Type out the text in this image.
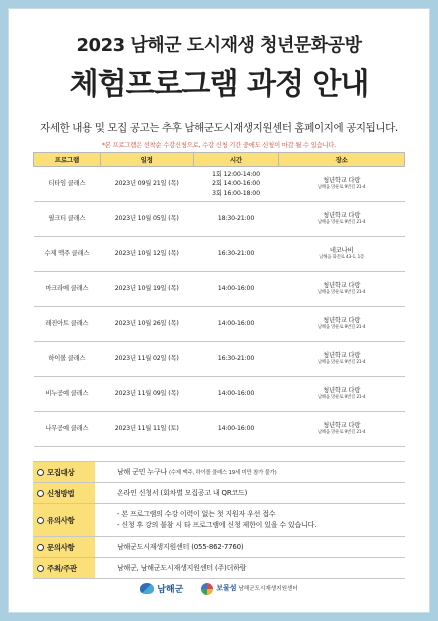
2023 남해군 도시재생 청년문화공방
체험프로그램 과정 안내
자세한 내용 및 모집 공고는 추후 남해군도시재생지원센터 홈페이지에 공지됩니다.
*본 프로그램은 선착순 수강신청으로, 수강 신청 기간 중에도 신청이 마감 될 수 있습니다.
프로그램	일정	시간	장소
티타임 클래스	2023년 09월 21일 (목)	1회 12:00-14:00
2회 14:00-16:00
3회 16:00-18:00	청년학교 다랑
남해읍 망운로 9번길 21-4

필크티 클래스	2023년 10월 05일 (목)	18:30-21:00	청년학교 다랑
남해읍 망운로 9번길 21-4

수제 맥주 클래스	2023년 10월 12일 (목)	16:30-21:00	네코나비
남해읍 화전로 43-1, 1층

마크라메 클래스	2023년 10월 19일 (목)	14:00-16:00	청년학교 다랑
남해읍 망운로 9번길 21-4

레진아트 클래스	2023년 10월 26일 (목)	14:00-16:00	청년학교 다랑
남해읍 망운로 9번길 21-4

하이볼 클래스	2023년 11월 02일 (목)	16:30-21:00	청년학교 다랑
남해읍 망운로 9번길 21-4

비누공예 클래스	2023년 11월 09일 (목)	14:00-16:00	청년학교 다랑
남해읍 망운로 9번길 21-4

나무공예 클래스	2023년 11월 11일 (토)	14:00-16:00	청년학교 다랑
남해읍 망운로 9번길 21-4
모집대상	남해 군민 누구나 (수제 맥주, 하이볼 클래스 19세 미만 참가 불가)
신청방법	온라인 신청서 (회차별 모집공고 내 QR코드)
유의사항
- 본 프로그램의 수강 이력이 없는 첫 지원자 우선 접수
- 신청 후 강의 불참 시 타 프로그램에 신청 제한이 있을 수 있습니다.
문의사항	남해군도시재생지원센터 (055-862-7760)
주최/주관	남해군, 남해군도시재생지원센터 (주)더하람
남해군	보물섬 남해군도시재생지원센터
